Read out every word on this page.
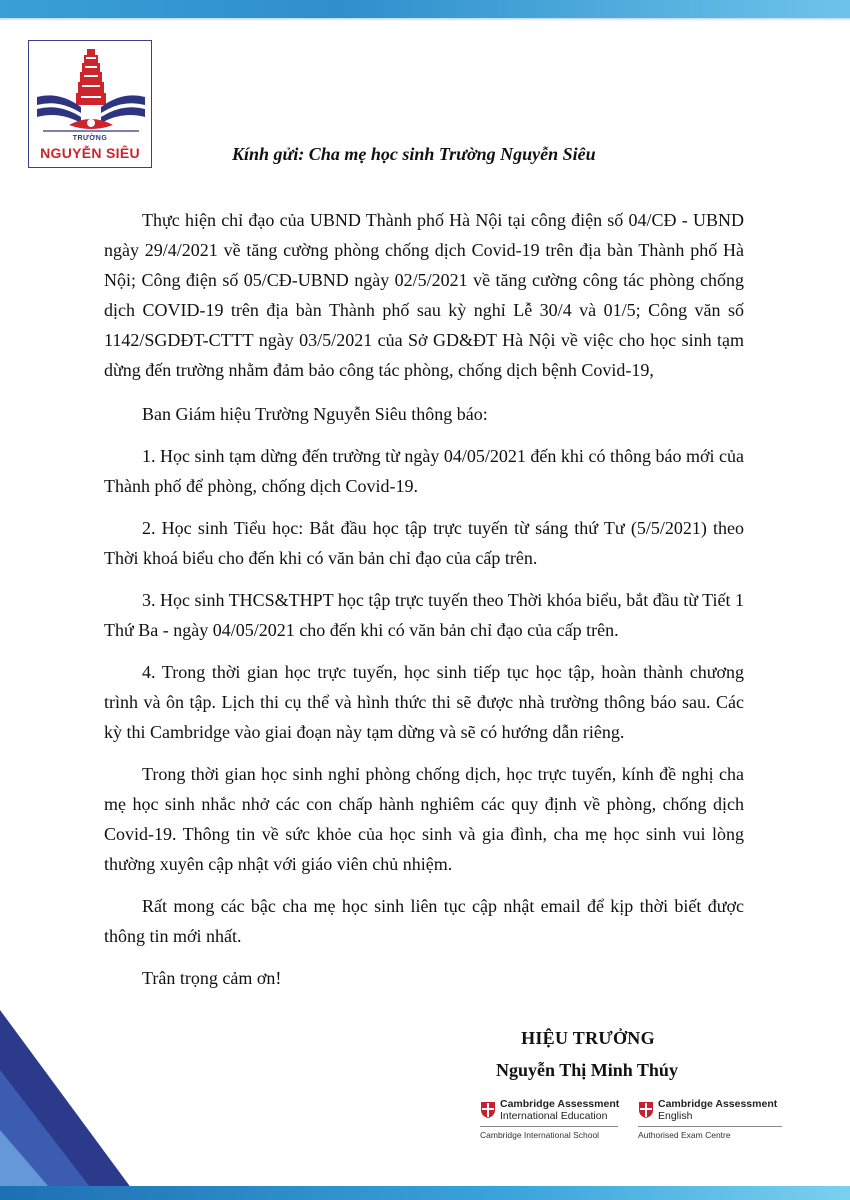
TRƯỜNG
NGUYỄN SIÊU	Kính gửi: Cha mẹ học sinh Trường Nguyễn Siêu

Thực hiện chỉ đạo của UBND Thành phố Hà Nội tại công điện số 04/CĐ - UBND ngày 29/4/2021 về tăng cường phòng chống dịch Covid-19 trên địa bàn Thành phố Hà Nội; Công điện số 05/CĐ-UBND ngày 02/5/2021 về tăng cường công tác phòng chống dịch COVID-19 trên địa bàn Thành phố sau kỳ nghỉ Lễ 30/4 và 01/5; Công văn số 1142/SGDĐT-CTTT ngày 03/5/2021 của Sở GD&ĐT Hà Nội về việc cho học sinh tạm dừng đến trường nhằm đảm bảo công tác phòng, chống dịch bệnh Covid-19,

Ban Giám hiệu Trường Nguyễn Siêu thông báo:

1. Học sinh tạm dừng đến trường từ ngày 04/05/2021 đến khi có thông báo mới của Thành phố để phòng, chống dịch Covid-19.

2. Học sinh Tiểu học: Bắt đầu học tập trực tuyến từ sáng thứ Tư (5/5/2021) theo Thời khoá biểu cho đến khi có văn bản chỉ đạo của cấp trên.

3. Học sinh THCS&THPT học tập trực tuyến theo Thời khóa biểu, bắt đầu từ Tiết 1 Thứ Ba - ngày 04/05/2021 cho đến khi có văn bản chỉ đạo của cấp trên.

4. Trong thời gian học trực tuyến, học sinh tiếp tục học tập, hoàn thành chương trình và ôn tập. Lịch thi cụ thể và hình thức thi sẽ được nhà trường thông báo sau. Các kỳ thi Cambridge vào giai đoạn này tạm dừng và sẽ có hướng dẫn riêng.

Trong thời gian học sinh nghỉ phòng chống dịch, học trực tuyến, kính đề nghị cha mẹ học sinh nhắc nhở các con chấp hành nghiêm các quy định về phòng, chống dịch Covid-19. Thông tin về sức khỏe của học sinh và gia đình, cha mẹ học sinh vui lòng thường xuyên cập nhật với giáo viên chủ nhiệm.

Rất mong các bậc cha mẹ học sinh liên tục cập nhật email để kịp thời biết được thông tin mới nhất.

Trân trọng cảm ơn!

HIỆU TRƯỞNG
Nguyễn Thị Minh Thúy
Cambridge Assessment
International Education
Cambridge International School
Cambridge Assessment
English
Authorised Exam Centre
